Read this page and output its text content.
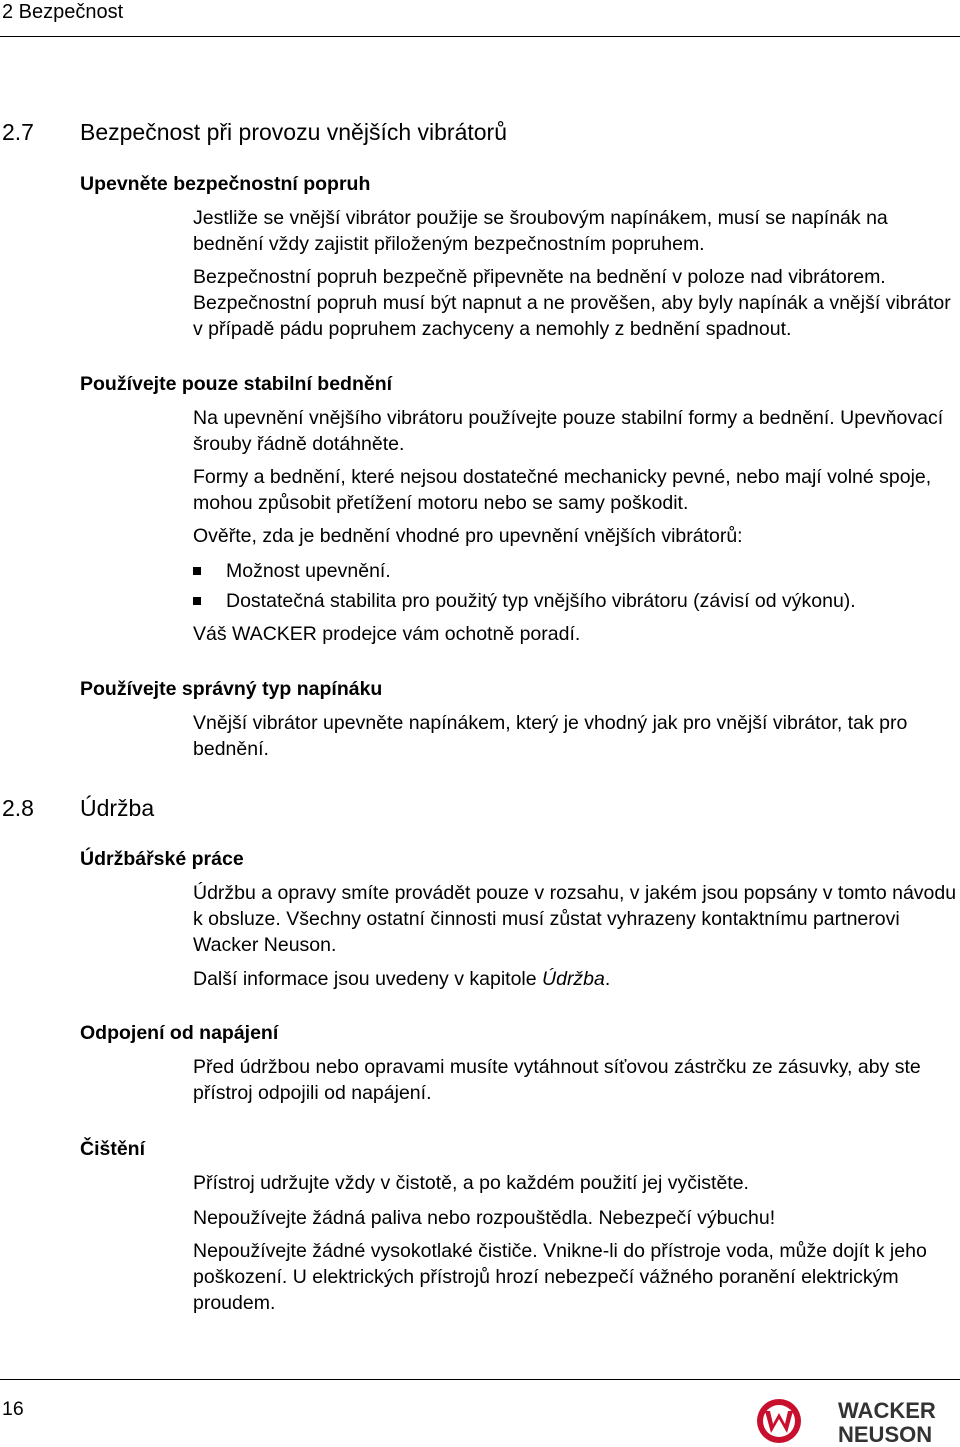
2 Bezpečnost
2.7 Bezpečnost při provozu vnějších vibrátorů
Upevněte bezpečnostní popruh

Jestliže se vnější vibrátor použije se šroubovým napínákem, musí se napínák na bednění vždy zajistit přiloženým bezpečnostním popruhem.

Bezpečnostní popruh bezpečně připevněte na bednění v poloze nad vibrátorem. Bezpečnostní popruh musí být napnut a ne prověšen, aby byly napínák a vnější vibrátor v případě pádu popruhem zachyceny a nemohly z bednění spadnout.

Používejte pouze stabilní bednění

Na upevnění vnějšího vibrátoru používejte pouze stabilní formy a bednění. Upevňovací šrouby řádně dotáhněte.

Formy a bednění, které nejsou dostatečné mechanicky pevné, nebo mají volné spoje, mohou způsobit přetížení motoru nebo se samy poškodit.

Ověřte, zda je bednění vhodné pro upevnění vnějších vibrátorů:

Možnost upevnění.
Dostatečná stabilita pro použitý typ vnějšího vibrátoru (závisí od výkonu).

Váš WACKER prodejce vám ochotně poradí.

Používejte správný typ napínáku

Vnější vibrátor upevněte napínákem, který je vhodný jak pro vnější vibrátor, tak pro bednění.

2.8 Údržba
Údržbářské práce

Údržbu a opravy smíte provádět pouze v rozsahu, v jakém jsou popsány v tomto návodu k obsluze. Všechny ostatní činnosti musí zůstat vyhrazeny kontaktnímu partnerovi Wacker Neuson.

Další informace jsou uvedeny v kapitole Údržba.

Odpojení od napájení

Před údržbou nebo opravami musíte vytáhnout síťovou zástrčku ze zásuvky, aby ste přístroj odpojili od napájení.

Čištění

Přístroj udržujte vždy v čistotě, a po každém použití jej vyčistěte.

Nepoužívejte žádná paliva nebo rozpouštědla. Nebezpečí výbuchu!

Nepoužívejte žádné vysokotlaké čističe. Vnikne-li do přístroje voda, může dojít k jeho poškození. U elektrických přístrojů hrozí nebezpečí vážného poranění elektrickým proudem.

16	WACKER
NEUSON
